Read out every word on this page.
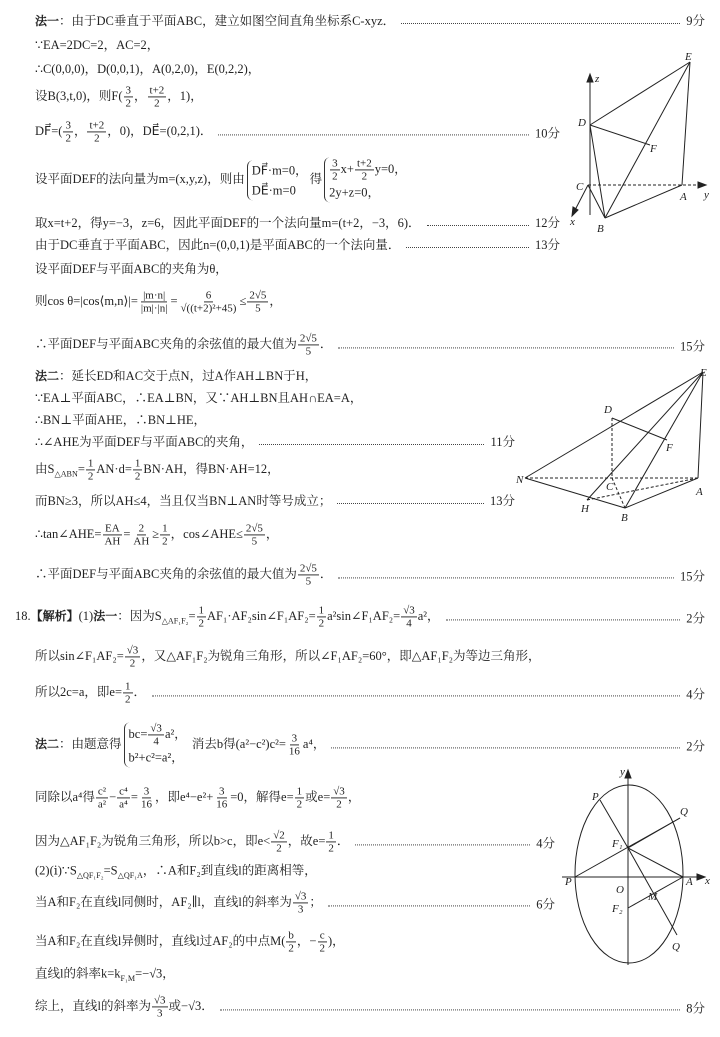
法一：由于DC垂直于平面ABC，建立如图空间直角坐标系C-xyz．	9分
∵EA=2DC=2，AC=2，
∴C(0,0,0)，D(0,0,1)，A(0,2,0)，E(0,2,2)，
设B(3,t,0)，则$F( \frac{3}{2}$ ， $\frac{t+2}{2}$ ，1)，
DF⃗=( $\frac{3}{2}$ ， $\frac{t+2}{2}$ ，0)，DE⃗=(0,2,1)．	10分
设平面DEF的法向量为m=(x,y,z)，则由
DF⃗·m=0，
DE⃗·m=0
得 $\frac{3}{2} x+ \frac{t+2}{2} y=0$，
2y+z=0，
取x=t+2，得y=−3，z=6，因此平面DEF的一个法向量m=(t+2，−3，6)．	12分
由于DC垂直于平面ABC，因此n=(0,0,1)是平面ABC的一个法向量．	13分
设平面DEF与平面ABC的夹角为θ，
则cos θ=|cos⟨m,n⟩|= $\frac{|m\cdot n|}{|m|\cdot|n|} = \frac{6}{\text{√((t+2)²+45)}} \le \frac{2√5}{5}$ ，
∴平面DEF与平面ABC夹角的余弦值的最大值为 $\frac{2√5}{5}$ ．	15分
法二：延长ED和AC交于点N，过A作AH⊥BN于H，
∵EA⊥平面ABC，∴EA⊥BN，又∵AH⊥BN且AH∩EA=A，
∴BN⊥平面AHE，∴BN⊥HE，
∴∠AHE为平面DEF与平面ABC的夹角，	11分
由$S_{\triangle ABN}= \frac{1}{2} AN\cdot d= \frac{1}{2} BN\cdot AH$，得BN·AH=12，
而BN≥3，所以AH≤4，当且仅当BN⊥AN时等号成立；	13分
∴tan∠AHE= $\frac{EA}{AH} = \frac{2}{AH} \ge \frac{1}{2}$ ，cos∠AHE≤ $\frac{2√5}{5}$ ，
∴平面DEF与平面ABC夹角的余弦值的最大值为 $\frac{2√5}{5}$ ．	15分
18.【解析】(1)法一：因为$S_{\triangle AF_1F_2}= \frac{1}{2}$ AF₁·AF₂sin∠F₁AF₂= $\frac{1}{2}$ a²sin∠F₁AF₂= $\frac{√3}{4} a^2$，	2分
所以sin∠F₁AF₂= $\frac{√3}{2}$ ，又△AF₁F₂为锐角三角形，所以∠F₁AF₂=60°，即△AF₁F₂为等边三角形，
所以2c=a，即$e= \frac{1}{2}$ ．	4分
法二：由题意得
$bc= \frac{√3}{4} a^2$，
b²+c²=a²，
消去b得$(a^2-c^2)c^2= \frac{3}{16} a^4$，	2分
同除以a⁴得 $\frac{\text{c²}}{\text{a²}} - \frac{\text{c⁴}}{\text{a⁴}} = \frac{3}{16}$ ，即$e^4-e^2+ \frac{3}{16} =0$，解得$e= \frac{1}{2}$ 或$e= \frac{√3}{2}$ ，
因为△AF₁F₂为锐角三角形，所以b>c，即$e< \frac{√2}{2}$ ，故$e= \frac{1}{2}$ ．	4分
$(2)(ⅰ)\because S_{\triangle QF_1F_2}=S_{\triangle QF_1A}$，∴A和F₂到直线l的距离相等，
当A和F₂在直线l同侧时，AF₂∥l，直线l的斜率为 $\frac{√3}{3}$ ；	6分
当A和F₂在直线l异侧时，直线l过AF₂的中点$M( \frac{b}{2}$ ，− $\frac{c}{2}$ )，
直线l的斜率$k=k_{F_1M}=-√3$，
综上，直线l的斜率为 $\frac{√3}{3}$ 或−√3．	8分
E
D
F
C
A
B
z
y
x
E
D
F
N
C	A
H
B
y
x
P
Q
F₁
P
O
A
M
F₂
Q
